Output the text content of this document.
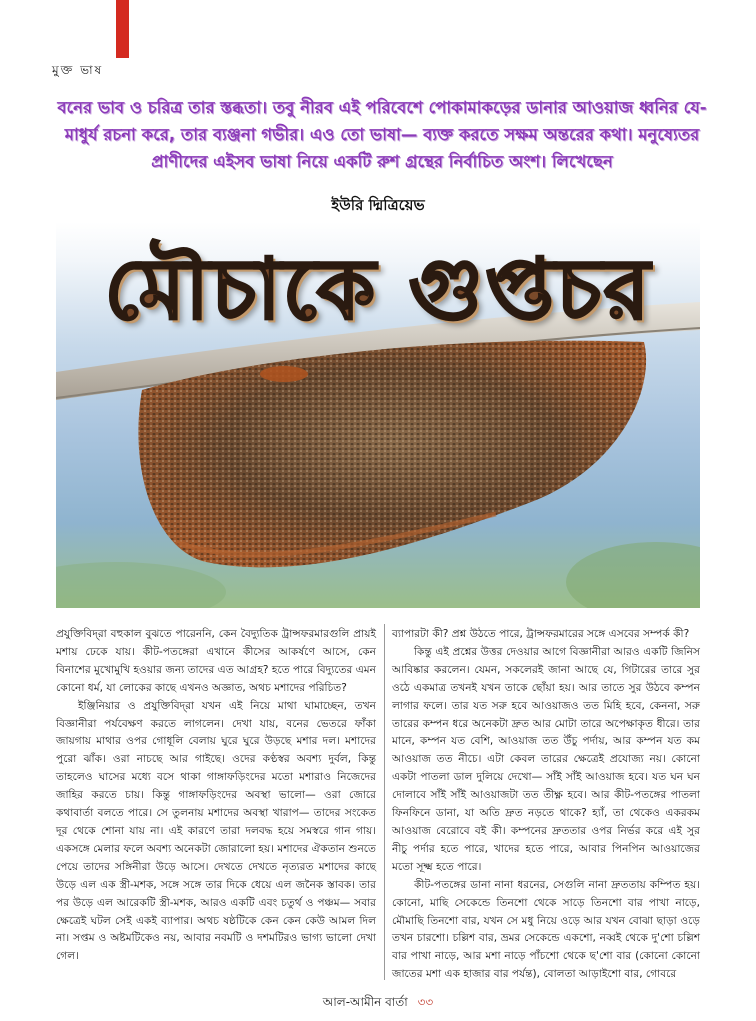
মুক্ত ভাষ
বনের ভাব ও চরিত্র তার স্তব্ধতা। তবু নীরব এই পরিবেশে পোকামাকড়ের ডানার আওয়াজ ধ্বনির যে-মাধুর্য রচনা করে, তার ব্যঞ্জনা গভীর। এও তো ভাষা— ব্যক্ত করতে সক্ষম অন্তরের কথা। মনুষ্যেতর প্রাণীদের এইসব ভাষা নিয়ে একটি রুশ গ্রন্থের নির্বাচিত অংশ। লিখেছেন
ইউরি দ্মিত্রিয়েভ
মৌচাকে গুপ্তচর

প্রযুক্তিবিদ্‌রা বহুকাল বুঝতে পারেননি, কেন বৈদ্যুতিক ট্রান্সফরমারগুলি প্রায়ই মশায় ঢেকে যায়। কীট-পতঙ্গেরা এখানে কীসের আকর্ষণে আসে, কেন বিনাশের মুখোমুখি হওয়ার জন্য তাদের এত আগ্রহ? হতে পারে বিদ্যুতের এমন কোনো ধর্ম, যা লোকের কাছে এখনও অজ্ঞাত, অথচ মশাদের পরিচিত?

ইঞ্জিনিয়ার ও প্রযুক্তিবিদ্‌রা যখন এই নিয়ে মাথা ঘামাচ্ছেন, তখন বিজ্ঞানীরা পর্যবেক্ষণ করতে লাগলেন। দেখা যায়, বনের ভেতরে ফাঁকা জায়গায় মাথার ওপর গোধূলি বেলায় ঘুরে ঘুরে উড়ছে মশার দল। মশাদের পুরো ঝাঁক। ওরা নাচছে আর গাইছে। ওদের কণ্ঠস্বর অবশ্য দুর্বল, কিন্তু তাহলেও ঘাসের মধ্যে বসে থাকা গাঙ্গাফড়িংদের মতো মশারাও নিজেদের জাহির করতে চায়। কিন্তু গাঙ্গাফড়িংদের অবস্থা ভালো— ওরা জোরে কথাবার্তা বলতে পারে। সে তুলনায় মশাদের অবস্থা খারাপ— তাদের সংকেত দূর থেকে শোনা যায় না। এই কারণে তারা দলবদ্ধ হয়ে সমস্বরে গান গায়। একসঙ্গে মেলার ফলে অবশ্য অনেকটা জোরালো হয়। মশাদের ঐকতান শুনতে পেয়ে তাদের সঙ্গিনীরা উড়ে আসে। দেখতে দেখতে নৃত্যরত মশাদের কাছে উড়ে এল এক স্ত্রী-মশক, সঙ্গে সঙ্গে তার দিকে ধেয়ে এল জনৈক স্তাবক। তার পর উড়ে এল আরেকটি স্ত্রী-মশক, আরও একটি এবং চতুর্থ ও পঞ্চম— সবার ক্ষেত্রেই ঘটল সেই একই ব্যাপার। অথচ ষষ্ঠটিকে কেন কেন কেউ আমল দিল না। সপ্তম ও অষ্টমটিকেও নয়, আবার নবমটি ও দশমটিরও ভাগ্য ভালো দেখা গেল।

ব্যাপারটা কী? প্রশ্ন উঠতে পারে, ট্রান্সফরমারের সঙ্গে এসবের সম্পর্ক কী?

কিন্তু এই প্রশ্নের উত্তর দেওয়ার আগে বিজ্ঞানীরা আরও একটি জিনিস আবিষ্কার করলেন। যেমন, সকলেরই জানা আছে যে, গিটারের তারে সুর ওঠে একমাত্র তখনই যখন তাকে ছোঁয়া হয়। আর তাতে সুর উঠবে কম্পন লাগার ফলে। তার যত সরু হবে আওয়াজও তত মিহি হবে, কেননা, সরু তারের কম্পন ধরে অনেকটা দ্রুত আর মোটা তারে অপেক্ষাকৃত ধীরে। তার মানে, কম্পন যত বেশি, আওয়াজ তত উঁচু পর্দায়, আর কম্পন যত কম আওয়াজ তত নীচে। এটা কেবল তারের ক্ষেত্রেই প্রযোজ্য নয়। কোনো একটা পাতলা ডাল দুলিয়ে দেখো— সাঁই সাঁই আওয়াজ হবে। যত ঘন ঘন দোলাবে সাঁই সাঁই আওয়াজটা তত তীক্ষ্ণ হবে। আর কীট-পতঙ্গের পাতলা ফিনফিনে ডানা, যা অতি দ্রুত নড়তে থাকে? হ্যাঁ, তা থেকেও একরকম আওয়াজ বেরোবে বই কী। কম্পনের দ্রুততার ওপর নির্ভর করে এই সুর নীচু পর্দার হতে পারে, খাদের হতে পারে, আবার পিনপিন আওয়াজের মতো সূক্ষ্ম হতে পারে।

কীট-পতঙ্গের ডানা নানা ধরনের, সেগুলি নানা দ্রুততায় কম্পিত হয়। কোনো, মাছি সেকেন্ডে তিনশো থেকে সাড়ে তিনশো বার পাখা নাড়ে, মৌমাছি তিনশো বার, যখন সে মধু নিয়ে ওড়ে আর যখন বোঝা ছাড়া ওড়ে তখন চারশো। চল্লিশ বার, ভ্রমর সেকেন্ডে একশো, নব্বই থেকে দু'শো চল্লিশ বার পাখা নাড়ে, আর মশা নাড়ে পাঁচশো থেকে ছ'শো বার (কোনো কোনো জাতের মশা এক হাজার বার পর্যন্ত), বোলতা আড়াইশো বার, গোবরে

আল-আমীন বার্তা ৩৩
